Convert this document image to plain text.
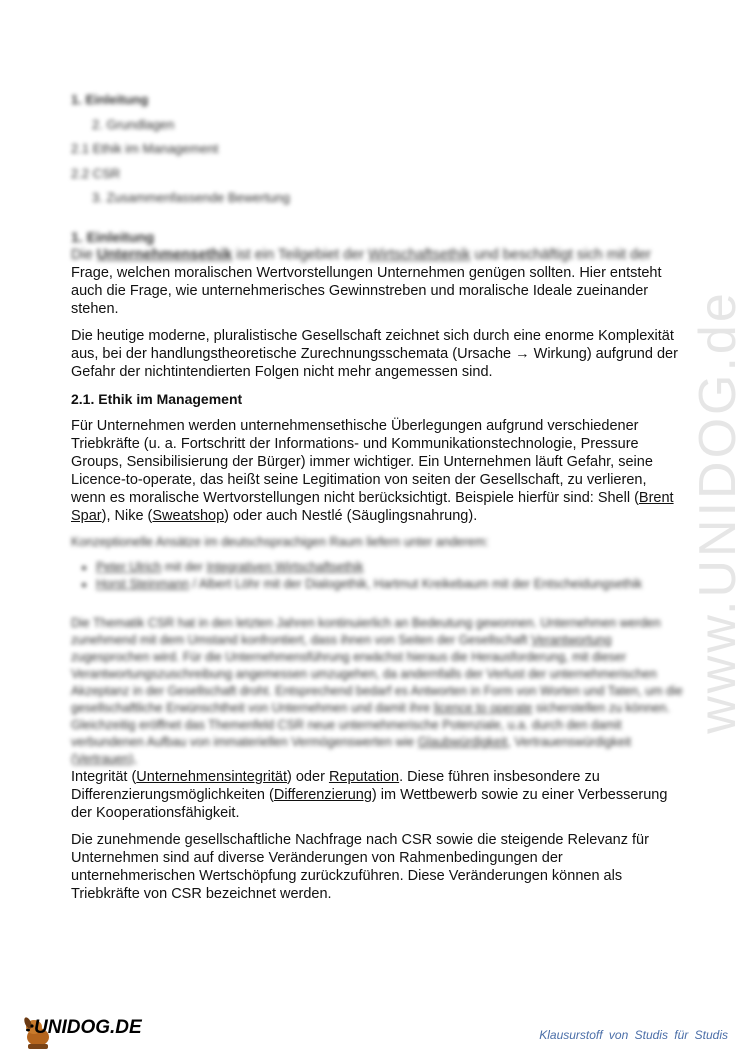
www.UNIDOG.de
1. Einleitung
2. Grundlagen
2.1 Ethik im Management
2.2 CSR
3. Zusammenfassende Bewertung
1. Einleitung

Die Unternehmensethik ist ein Teilgebiet der Wirtschaftsethik und beschäftigt sich mit der Frage, welchen moralischen Wertvorstellungen Unternehmen genügen sollten. Hier entsteht auch die Frage, wie unternehmerisches Gewinnstreben und moralische Ideale zueinander stehen.

Die heutige moderne, pluralistische Gesellschaft zeichnet sich durch eine enorme Komplexität aus, bei der handlungstheoretische Zurechnungsschemata (Ursache → Wirkung) aufgrund der Gefahr der nichtintendierten Folgen nicht mehr angemessen sind.

2.1. Ethik im Management

Für Unternehmen werden unternehmensethische Überlegungen aufgrund verschiedener Triebkräfte (u. a. Fortschritt der Informations- und Kommunikationstechnologie, Pressure Groups, Sensibilisierung der Bürger) immer wichtiger. Ein Unternehmen läuft Gefahr, seine Licence-to-operate, das heißt seine Legitimation von seiten der Gesellschaft, zu verlieren, wenn es moralische Wertvorstellungen nicht berücksichtigt. Beispiele hierfür sind: Shell (Brent Spar), Nike (Sweatshop) oder auch Nestlé (Säuglingsnahrung).

Konzeptionelle Ansätze im deutschsprachigen Raum liefern unter anderem:

• Peter Ulrich mit der Integrativen Wirtschaftsethik
• Horst Steinmann / Albert Löhr mit der Dialogethik, Hartmut Kreikebaum mit der Entscheidungsethik

Die Thematik CSR hat in den letzten Jahren kontinuierlich an Bedeutung gewonnen. Unternehmen werden zunehmend mit dem Umstand konfrontiert, dass ihnen von Seiten der Gesellschaft Verantwortung zugesprochen wird. Für die Unternehmensführung erwächst hieraus die Herausforderung, mit dieser Verantwortungszuschreibung angemessen umzugehen, da andernfalls der Verlust der unternehmerischen Akzeptanz in der Gesellschaft droht. Entsprechend bedarf es Antworten in Form von Worten und Taten, um die gesellschaftliche Erwünschtheit von Unternehmen und damit ihre licence to operate sicherstellen zu können. Gleichzeitig eröffnet das Themenfeld CSR neue unternehmerische Potenziale, u.a. durch den damit verbundenen Aufbau von immateriellen Vermögenswerten wie Glaubwürdigkeit, Vertrauenswürdigkeit (Vertrauen),

Integrität (Unternehmensintegrität) oder Reputation. Diese führen insbesondere zu Differenzierungsmöglichkeiten (Differenzierung) im Wettbewerb sowie zu einer Verbesserung der Kooperationsfähigkeit.

Die zunehmende gesellschaftliche Nachfrage nach CSR sowie die steigende Relevanz für Unternehmen sind auf diverse Veränderungen von Rahmenbedingungen der unternehmerischen Wertschöpfung zurückzuführen. Diese Veränderungen können als Triebkräfte von CSR bezeichnet werden.

UNIDOG.DE	Klausurstoff von Studis für Studis
